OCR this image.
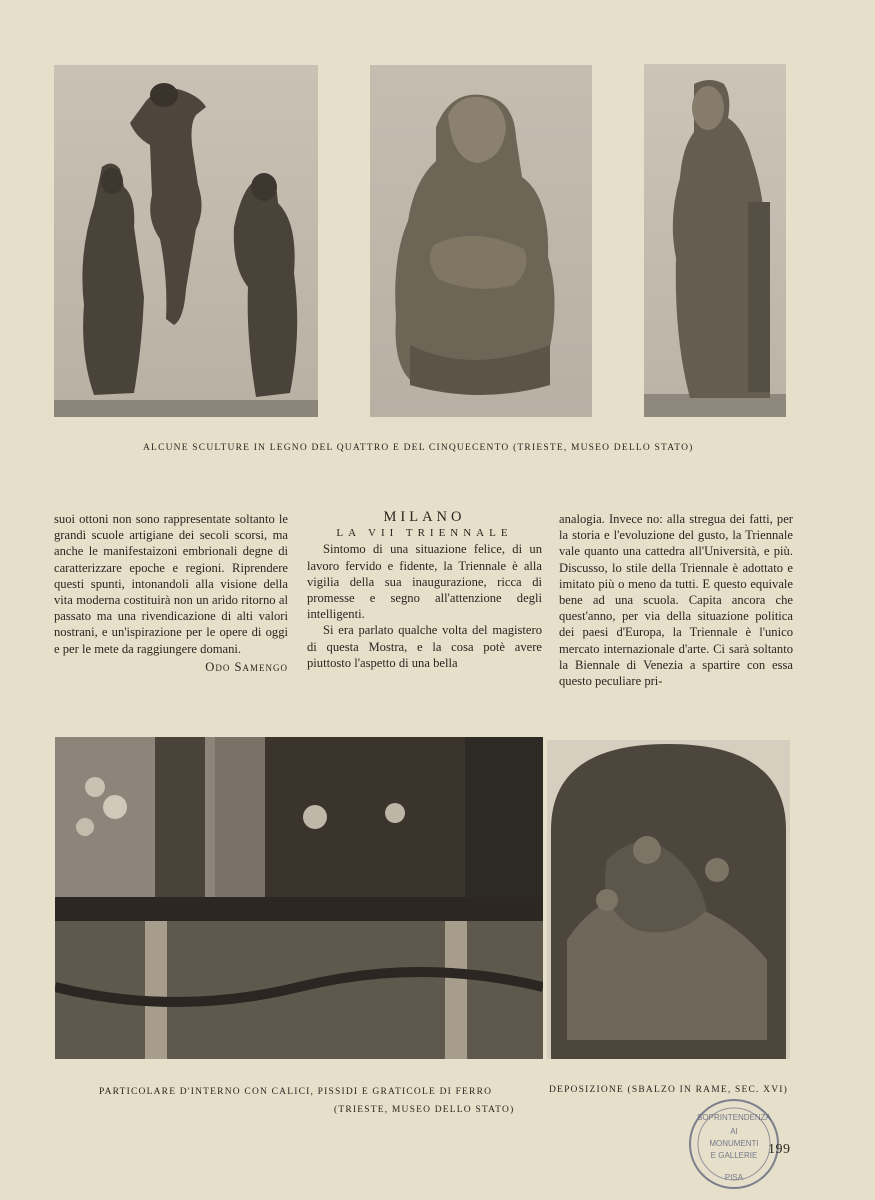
ALCUNE SCULTURE IN LEGNO DEL QUATTRO E DEL CINQUECENTO (TRIESTE, MUSEO DELLO STATO)

suoi ottoni non sono rappresentate soltanto le grandi scuole artigiane dei secoli scorsi, ma anche le manifestaizoni embrionali degne di caratterizzare epoche e regioni. Riprendere questi spunti, intonandoli alla visione della vita moderna costituirà non un arido ritorno al passato ma una rivendicazione di alti valori nostrani, e un'ispirazione per le opere di oggi e per le mete da raggiungere domani.

Odo Samengo

MILANO

LA VII TRIENNALE

Sintomo di una situazione felice, di un lavoro fervido e fidente, la Triennale è alla vigilia della sua inaugurazione, ricca di promesse e segno all'attenzione degli intelligenti.

Si era parlato qualche volta del magistero di questa Mostra, e la cosa potè avere piuttosto l'aspetto di una bella

analogia. Invece no: alla stregua dei fatti, per la storia e l'evoluzione del gusto, la Triennale vale quanto una cattedra all'Università, e più. Discusso, lo stile della Triennale è adottato e imitato più o meno da tutti. E questo equivale bene ad una scuola. Capita ancora che quest'anno, per via della situazione politica dei paesi d'Europa, la Triennale è l'unico mercato internazionale d'arte. Ci sarà soltanto la Biennale di Venezia a spartire con essa questo peculiare pri-

PARTICOLARE D'INTERNO CON CALICI, PISSIDI E GRATICOLE DI FERRO
(TRIESTE, MUSEO DELLO STATO)
DEPOSIZIONE (SBALZO IN RAME, SEC. XVI)
SOPRINTENDENZA
AI
MONUMENTI
E GALLERIE
PISA
199
